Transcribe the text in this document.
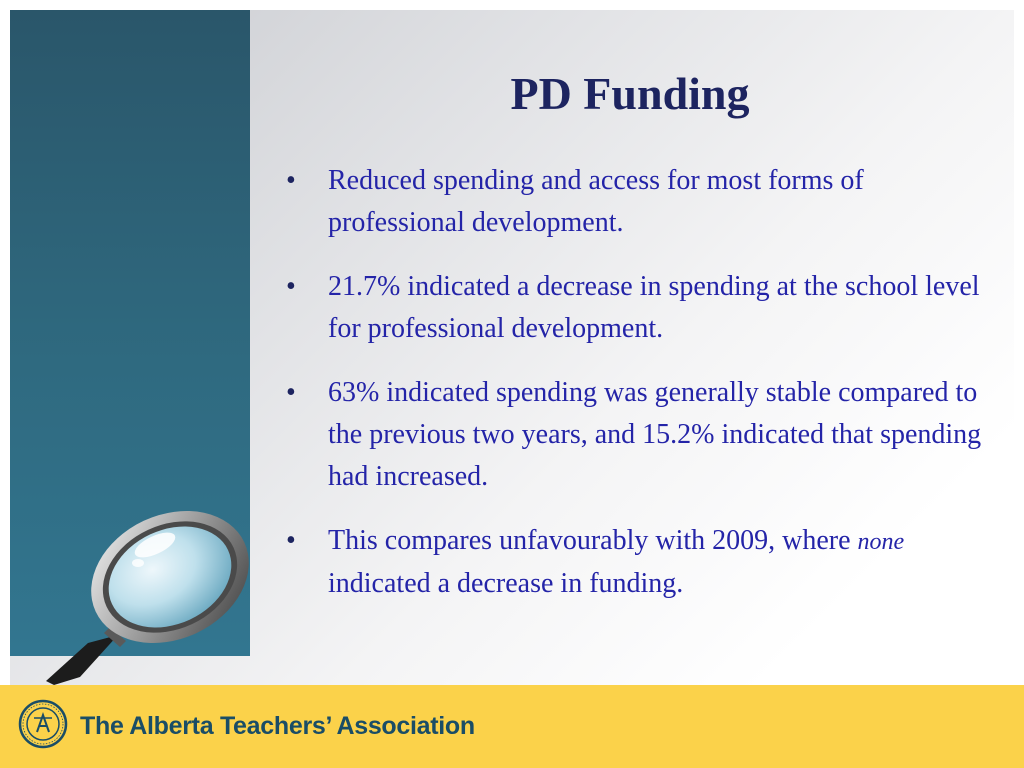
PD Funding
•	Reduced spending and access for most forms of professional development.
•	21.7% indicated a decrease in spending at the school level for professional development.
•	63% indicated spending was generally stable compared to the previous two years, and 15.2% indicated that spending had increased.
•	This compares unfavourably with 2009, where none indicated a decrease in funding.
The Alberta Teachers’ Association
